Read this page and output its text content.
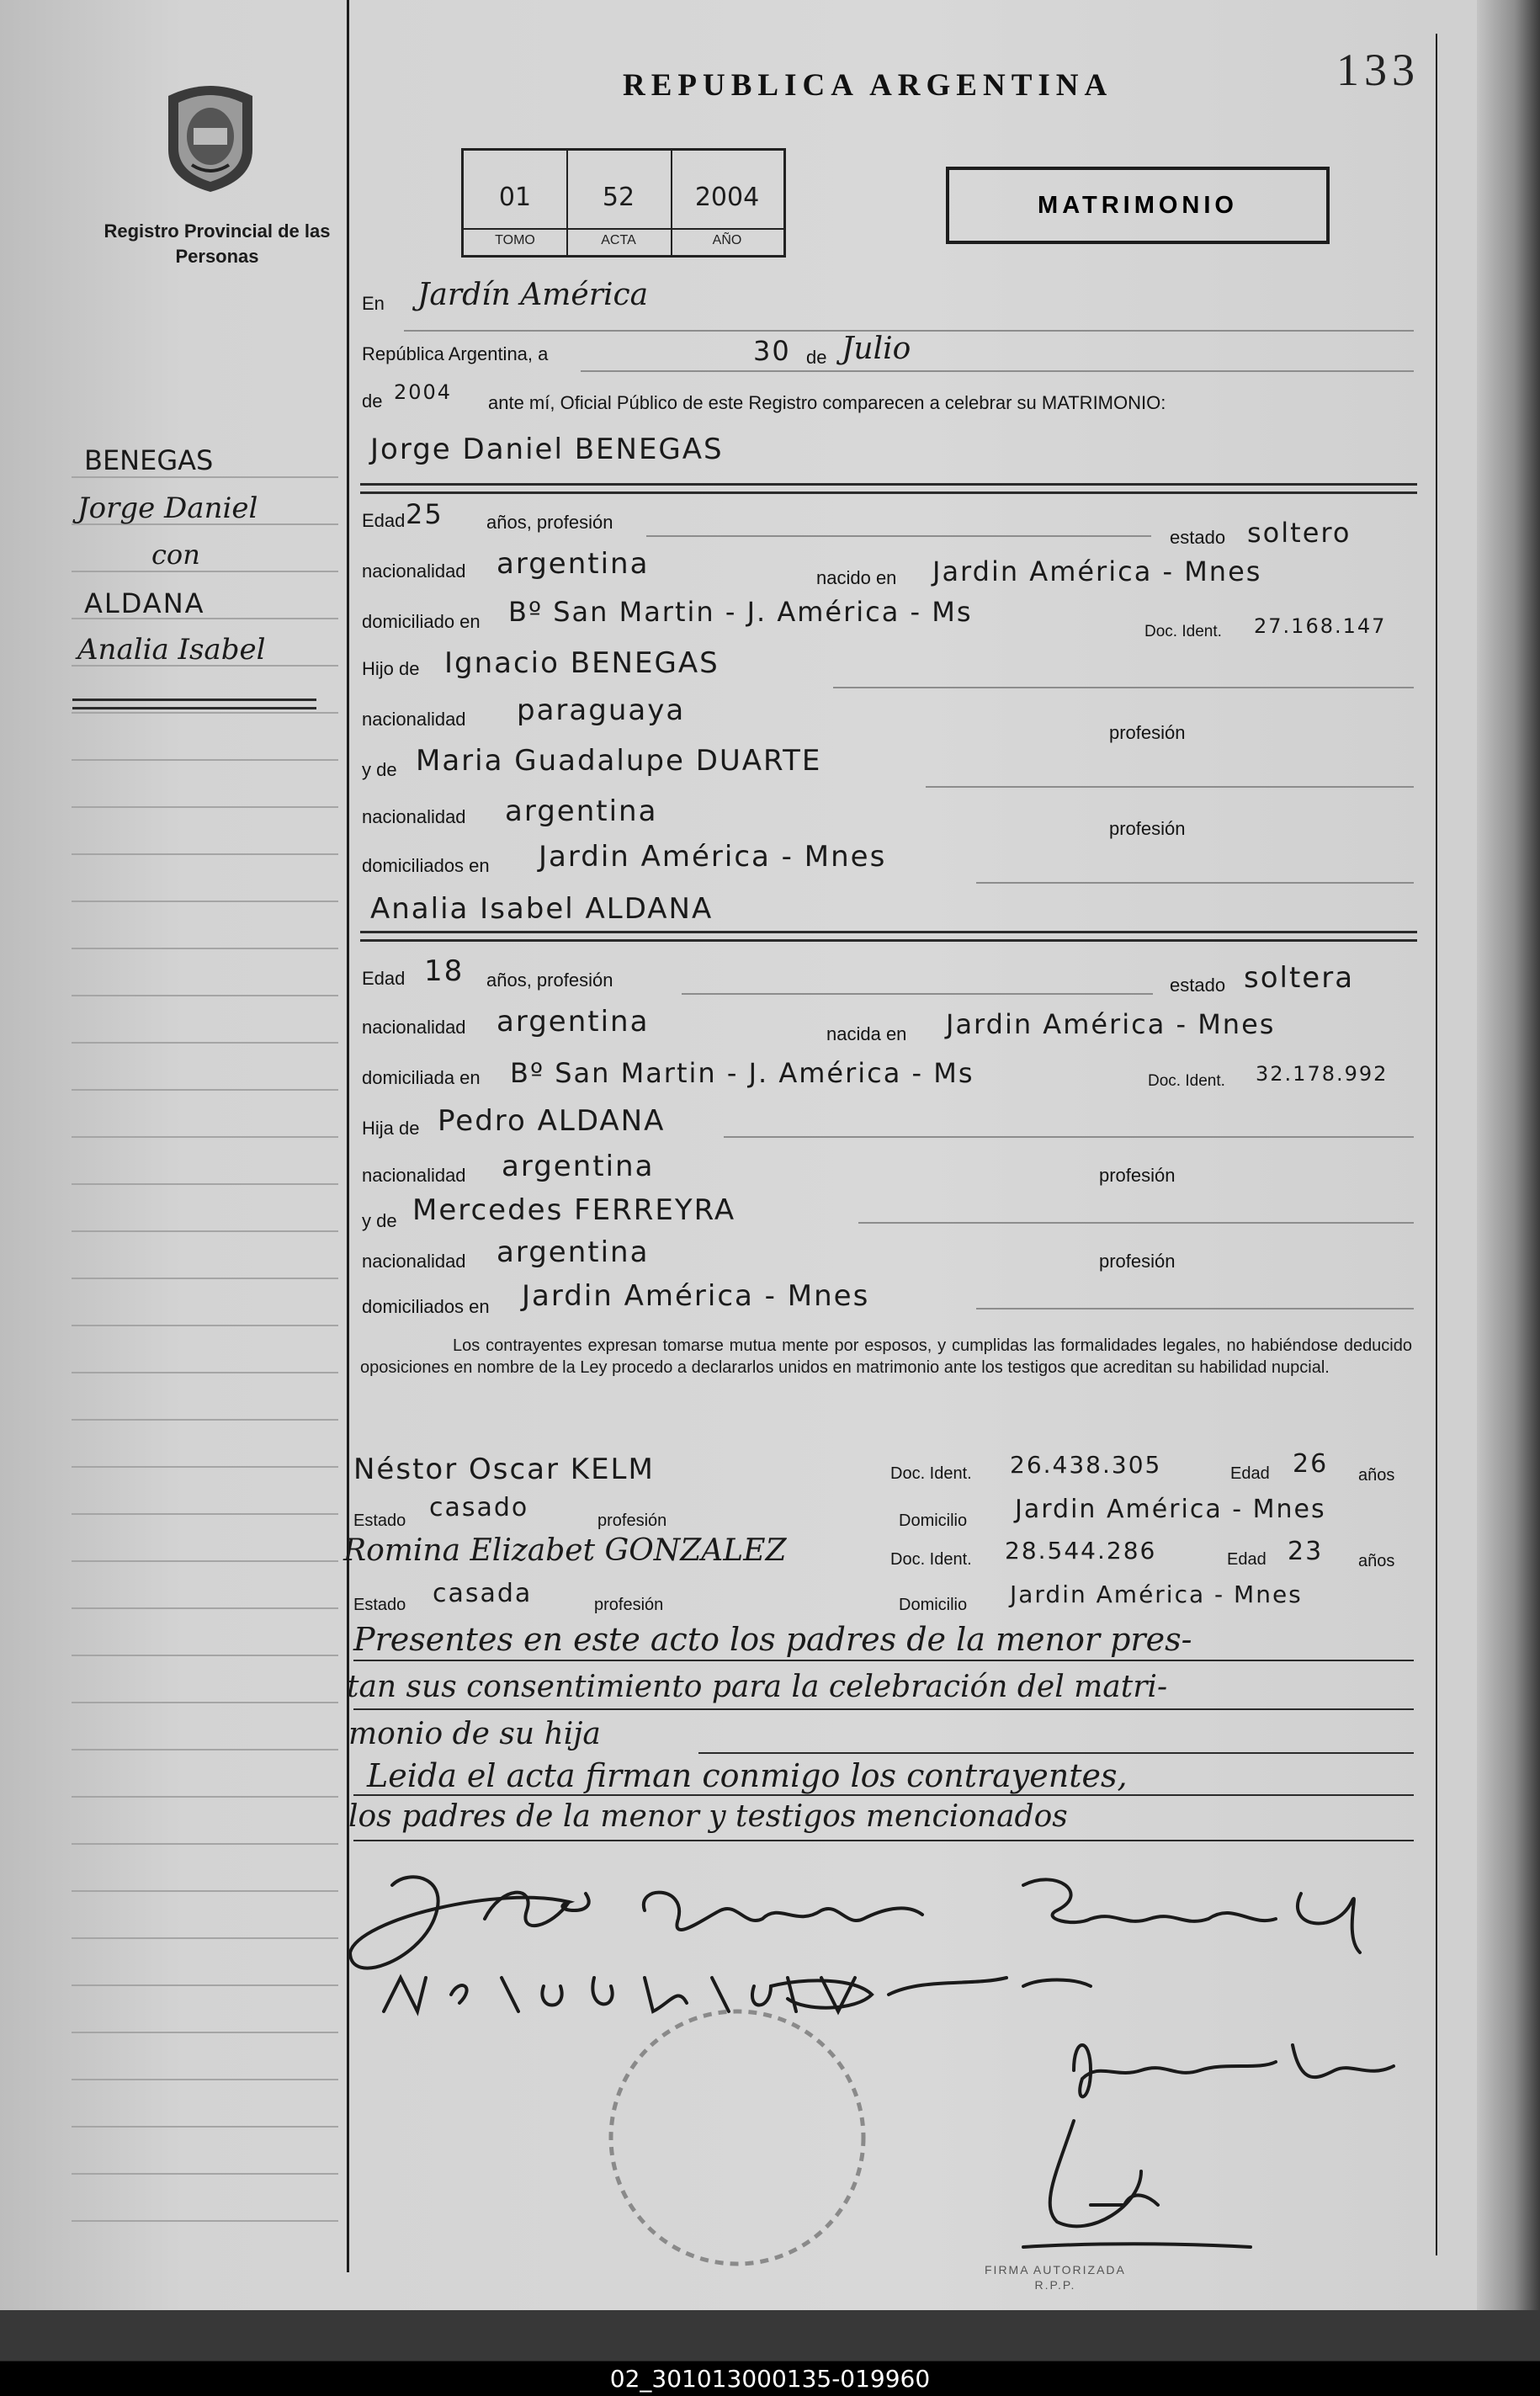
02_301013000135-019960
Registro Provincial de las Personas
REPUBLICA ARGENTINA	133
01
TOMO
52
ACTA
2004
AÑO
MATRIMONIO
BENEGAS
Jorge Daniel
con
ALDANA
Analia Isabel
En Jardín América
República Argentina, a	30 de Julio
de 2004 ante mí, Oficial Público de este Registro comparecen a celebrar su MATRIMONIO:
Jorge Daniel BENEGAS
Edad 25 años, profesión
estado soltero
nacionalidad argentina	nacido en Jardin América - Mnes
domiciliado en Bº San Martin - J. América - Ms
Doc. Ident. 27.168.147
Hijo de Ignacio BENEGAS
nacionalidad paraguaya
profesión
y de Maria Guadalupe DUARTE
nacionalidad argentina
profesión
domiciliados en Jardin América - Mnes
Analia Isabel ALDANA
Edad 18 años, profesión	estado soltera
nacionalidad argentina	nacida en Jardin América - Mnes
domiciliada en Bº San Martin - J. América - Ms	Doc. Ident. 32.178.992
Hija de Pedro ALDANA
nacionalidad argentina	profesión
y de Mercedes FERREYRA
nacionalidad argentina	profesión
domiciliados en Jardin América - Mnes
Los contrayentes expresan tomarse mutua mente por esposos, y cumplidas las formalidades legales, no habiéndose deducido oposiciones en nombre de la Ley procedo a declararlos unidos en matrimonio ante los testigos que acreditan su habilidad nupcial.
Néstor Oscar KELM	Doc. Ident. 26.438.305	Edad 26 años
Estado casado	profesión	Domicilio Jardin América - Mnes
Romina Elizabet GONZALEZ	Doc. Ident. 28.544.286	Edad 23 años
Estado casada	profesión	Domicilio Jardin América - Mnes
Presentes en este acto los padres de la menor pres-
tan sus consentimiento para la celebración del matri-
monio de su hija
Leida el acta firman conmigo los contrayentes,
los padres de la menor y testigos mencionados
FIRMA AUTORIZADA
R.P.P.
